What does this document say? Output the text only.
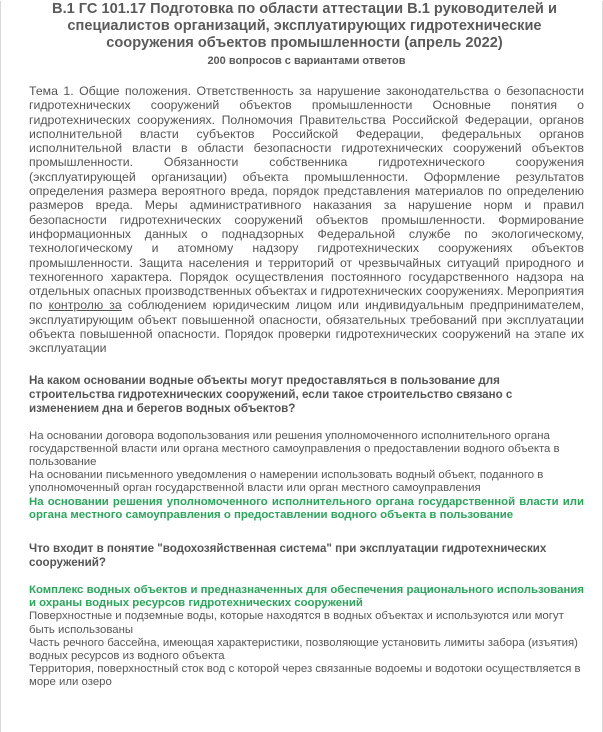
В.1 ГС 101.17 Подготовка по области аттестации В.1 руководителей и специалистов организаций, эксплуатирующих гидротехнические сооружения объектов промышленности (апрель 2022)
200 вопросов с вариантами ответов
Тема 1. Общие положения. Ответственность за нарушение законодательства о безопасности гидротехнических сооружений объектов промышленности Основные понятия о гидротехнических сооружениях. Полномочия Правительства Российской Федерации, органов исполнительной власти субъектов Российской Федерации, федеральных органов исполнительной власти в области безопасности гидротехнических сооружений объектов промышленности. Обязанности собственника гидротехнического сооружения (эксплуатирующей организации) объекта промышленности. Оформление результатов определения размера вероятного вреда, порядок представления материалов по определению размеров вреда. Меры административного наказания за нарушение норм и правил безопасности гидротехнических сооружений объектов промышленности. Формирование информационных данных о поднадзорных Федеральной службе по экологическому, технологическому и атомному надзору гидротехнических сооружениях объектов промышленности. Защита населения и территорий от чрезвычайных ситуаций природного и техногенного характера. Порядок осуществления постоянного государственного надзора на отдельных опасных производственных объектах и гидротехнических сооружениях. Мероприятия по контролю за соблюдением юридическим лицом или индивидуальным предпринимателем, эксплуатирующим объект повышенной опасности, обязательных требований при эксплуатации объекта повышенной опасности. Порядок проверки гидротехнических сооружений на этапе их эксплуатации
На каком основании водные объекты могут предоставляться в пользование для строительства гидротехнических сооружений, если такое строительство связано с изменением дна и берегов водных объектов?
На основании договора водопользования или решения уполномоченного исполнительного органа государственной власти или органа местного самоуправления о предоставлении водного объекта в пользование
На основании письменного уведомления о намерении использовать водный объект, поданного в уполномоченный орган государственной власти или орган местного самоуправления
На основании решения уполномоченного исполнительного органа государственной власти или органа местного самоуправления о предоставлении водного объекта в пользование
Что входит в понятие "водохозяйственная система" при эксплуатации гидротехнических сооружений?
Комплекс водных объектов и предназначенных для обеспечения рационального использования и охраны водных ресурсов гидротехнических сооружений
Поверхностные и подземные воды, которые находятся в водных объектах и используются или могут быть использованы
Часть речного бассейна, имеющая характеристики, позволяющие установить лимиты забора (изъятия) водных ресурсов из водного объекта
Территория, поверхностный сток вод с которой через связанные водоемы и водотоки осуществляется в море или озеро
